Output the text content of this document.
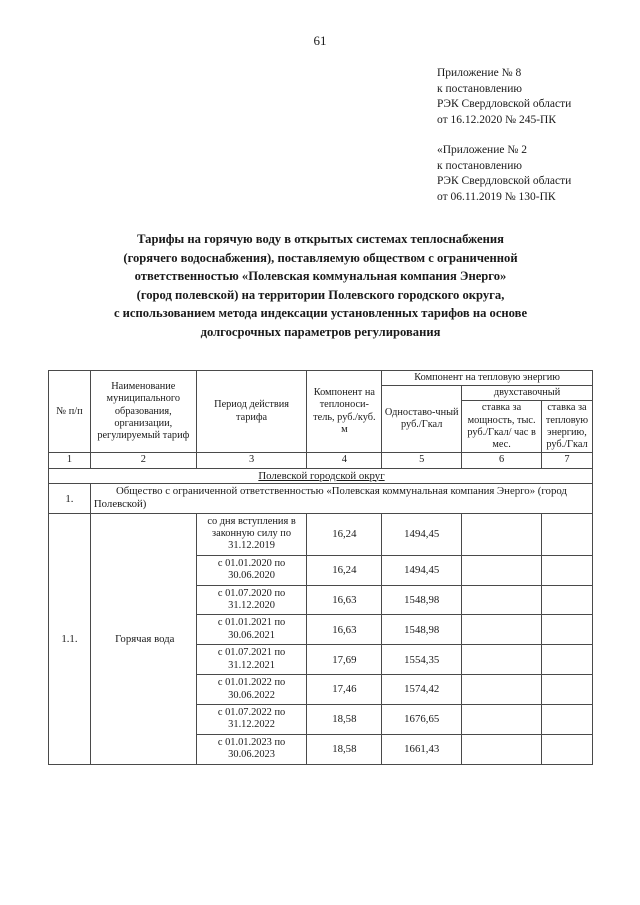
61
Приложение № 8
к постановлению
РЭК Свердловской области
от 16.12.2020 № 245-ПК
«Приложение № 2
к постановлению
РЭК Свердловской области
от 06.11.2019 № 130-ПК
Тарифы на горячую воду в открытых системах теплоснабжения
(горячего водоснабжения), поставляемую обществом с ограниченной
ответственностью «Полевская коммунальная компания Энерго»
(город полевской) на территории Полевского городского округа,
с использованием метода индексации установленных тарифов на основе
долгосрочных параметров регулирования
№ п/п	Наименование муниципального образования, организации, регулируемый тариф	Период действия тарифа	Компонент на теплоноси-тель, руб./куб. м	Компонент на тепловую энергию		
				Одноставо-чный руб./Гкал	двухставочный	
					ставка за мощность, тыс. руб./Гкал/ час в мес.	ставка за тепловую энергию, руб./Гкал
1	2	3	4	5	6	7
Полевской городской округ						
1.	Общество с ограниченной ответственностью «Полевская коммунальная компания Энерго» (город Полевской)					
1.1.	Горячая вода	со дня вступления в законную силу по 31.12.2019	16,24	1494,45		
		с 01.01.2020 по 30.06.2020	16,24	1494,45		
		с 01.07.2020 по 31.12.2020	16,63	1548,98		
		с 01.01.2021 по 30.06.2021	16,63	1548,98		
		с 01.07.2021 по 31.12.2021	17,69	1554,35		
		с 01.01.2022 по 30.06.2022	17,46	1574,42		
		с 01.07.2022 по 31.12.2022	18,58	1676,65		
		с 01.01.2023 по 30.06.2023	18,58	1661,43		
